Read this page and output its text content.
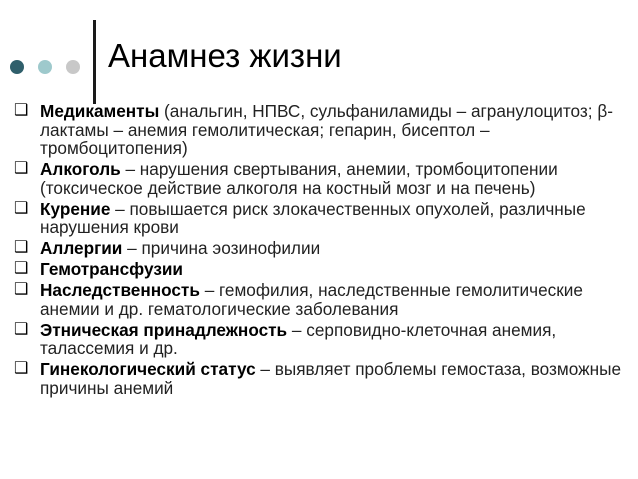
Анамнез жизни
❑ Медикаменты (анальгин, НПВС, сульфаниламиды – агранулоцитоз; β-лактамы – анемия гемолитическая; гепарин, бисептол – тромбоцитопения)
❑ Алкоголь – нарушения свертывания, анемии, тромбоцитопении (токсическое действие алкоголя на костный мозг и на печень)
❑ Курение – повышается риск злокачественных опухолей, различные нарушения крови
❑ Аллергии – причина эозинофилии
❑ Гемотрансфузии
❑ Наследственность – гемофилия, наследственные гемолитические анемии и др. гематологические заболевания
❑ Этническая принадлежность – серповидно-клеточная анемия, талассемия и др.
❑ Гинекологический статус – выявляет проблемы гемостаза, возможные причины анемий
